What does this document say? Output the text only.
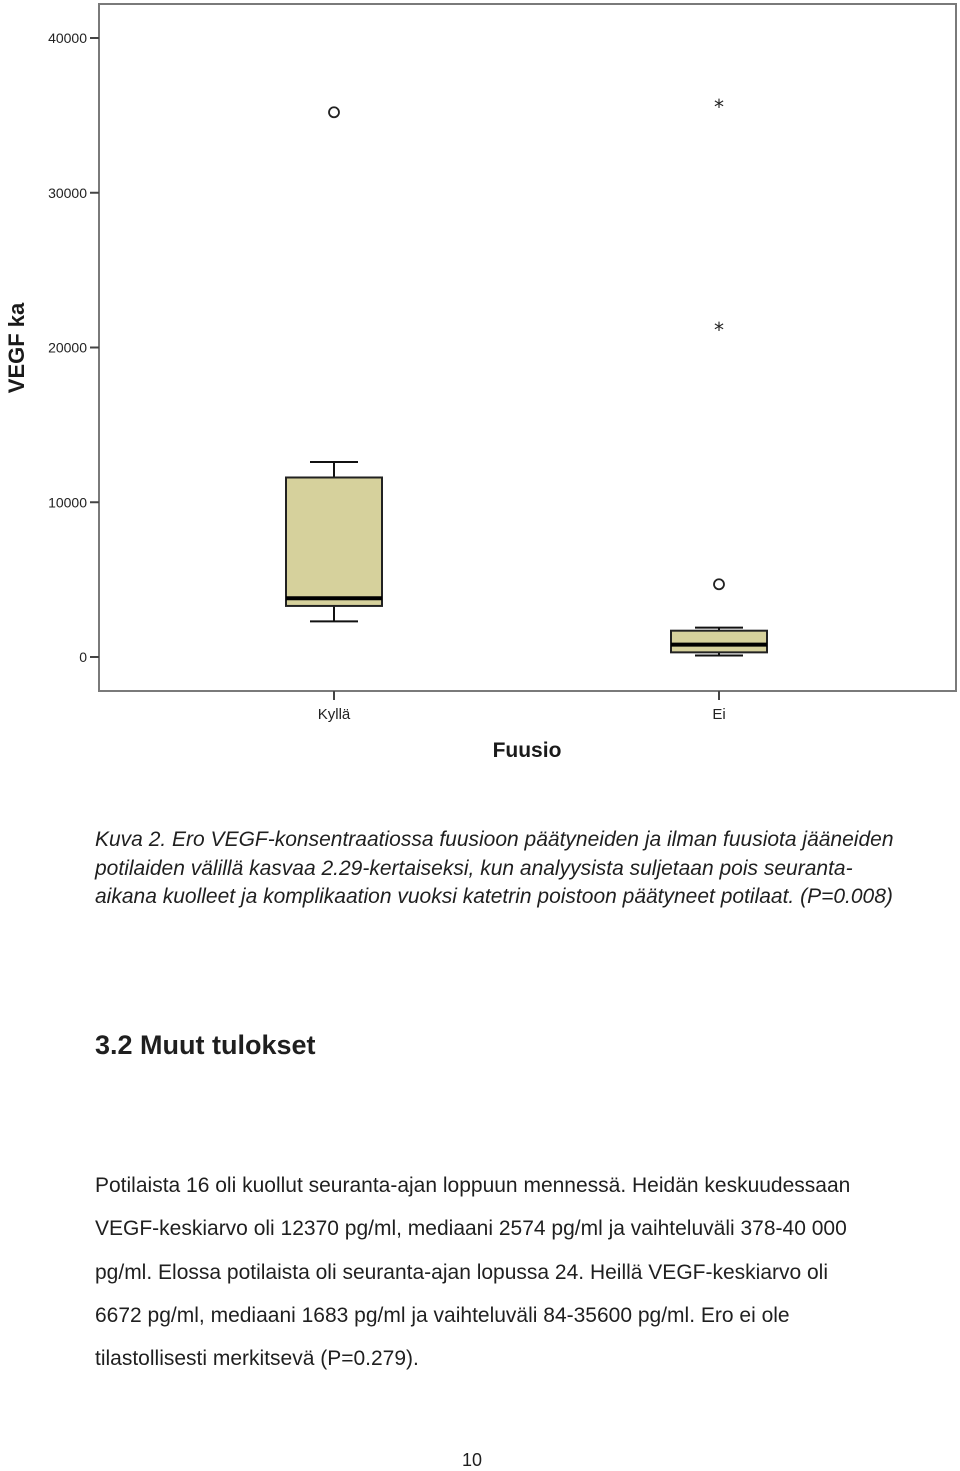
0
10000
20000
30000
40000
Kyllä	Ei
*
*
VEGF ka
Fuusio

Kuva 2. Ero VEGF-konsentraatiossa fuusioon päätyneiden ja ilman fuusiota jääneiden potilaiden välillä kasvaa 2.29-kertaiseksi, kun analyysista suljetaan pois seuranta-aikana kuolleet ja komplikaation vuoksi katetrin poistoon päätyneet potilaat. (P=0.008)

3.2 Muut tulokset

Potilaista 16 oli kuollut seuranta-ajan loppuun mennessä. Heidän keskuudessaan VEGF-keskiarvo oli 12370 pg/ml, mediaani 2574 pg/ml ja vaihteluväli 378-40 000 pg/ml. Elossa potilaista oli seuranta-ajan lopussa 24. Heillä VEGF-keskiarvo oli 6672 pg/ml, mediaani 1683 pg/ml ja vaihteluväli 84-35600 pg/ml. Ero ei ole tilastollisesti merkitsevä (P=0.279).

10
